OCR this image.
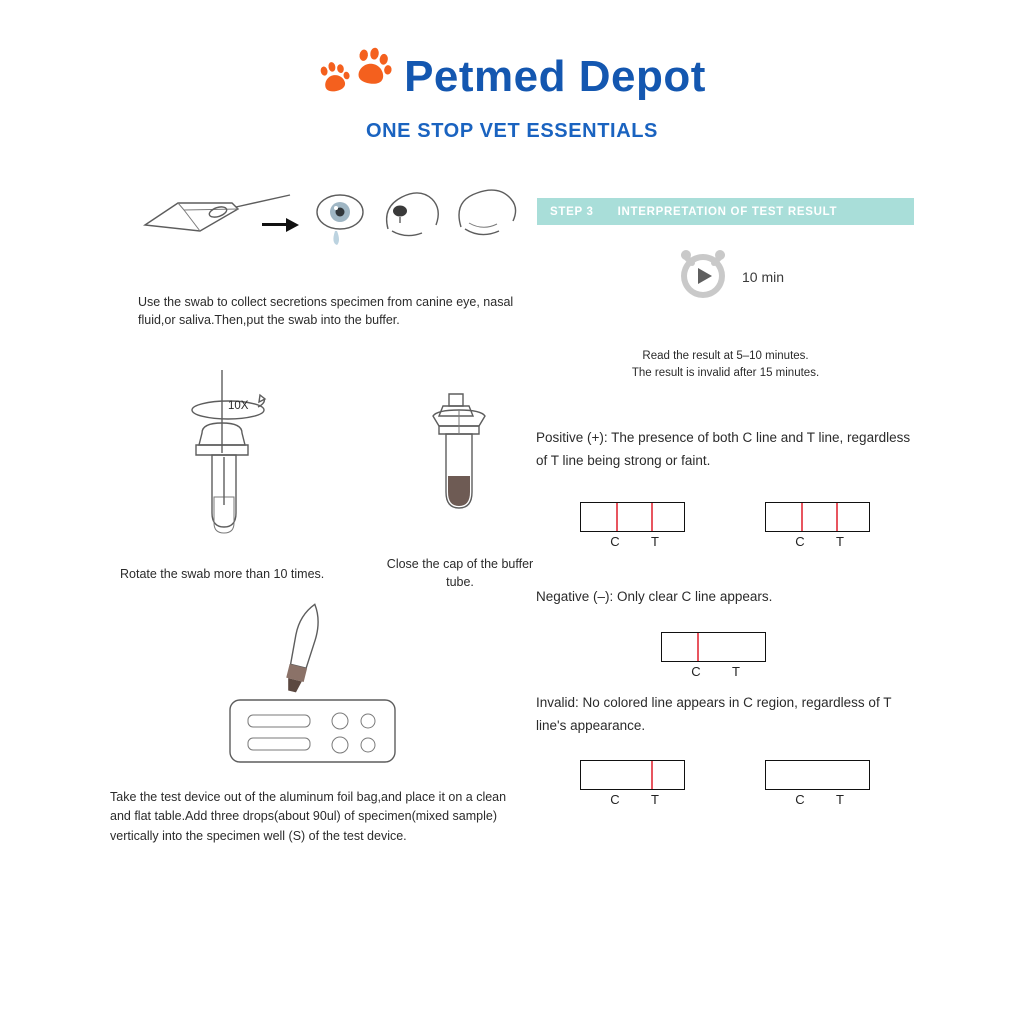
Petmed Depot
ONE STOP VET ESSENTIALS
Use the swab to collect secretions specimen from canine eye, nasal fluid,or saliva.Then,put the swab into the buffer.
10X
Rotate the swab more than 10 times.
Close the cap of the buffer tube.
Take the test device out of the aluminum foil bag,and place it on a clean and flat table.Add three drops(about 90ul) of specimen(mixed sample) vertically into the specimen well (S) of the test device.
STEP 3 INTERPRETATION OF TEST RESULT
10 min
Read the result at 5–10 minutes.
The result is invalid after 15 minutes.
Positive (+): The presence of both C line and T line, regardless of T line being strong or faint.
C	T	C	T
Negative (–): Only clear C line appears.
C	T
Invalid: No colored line appears in C region, regardless of T line's appearance.
C	T	C	T
